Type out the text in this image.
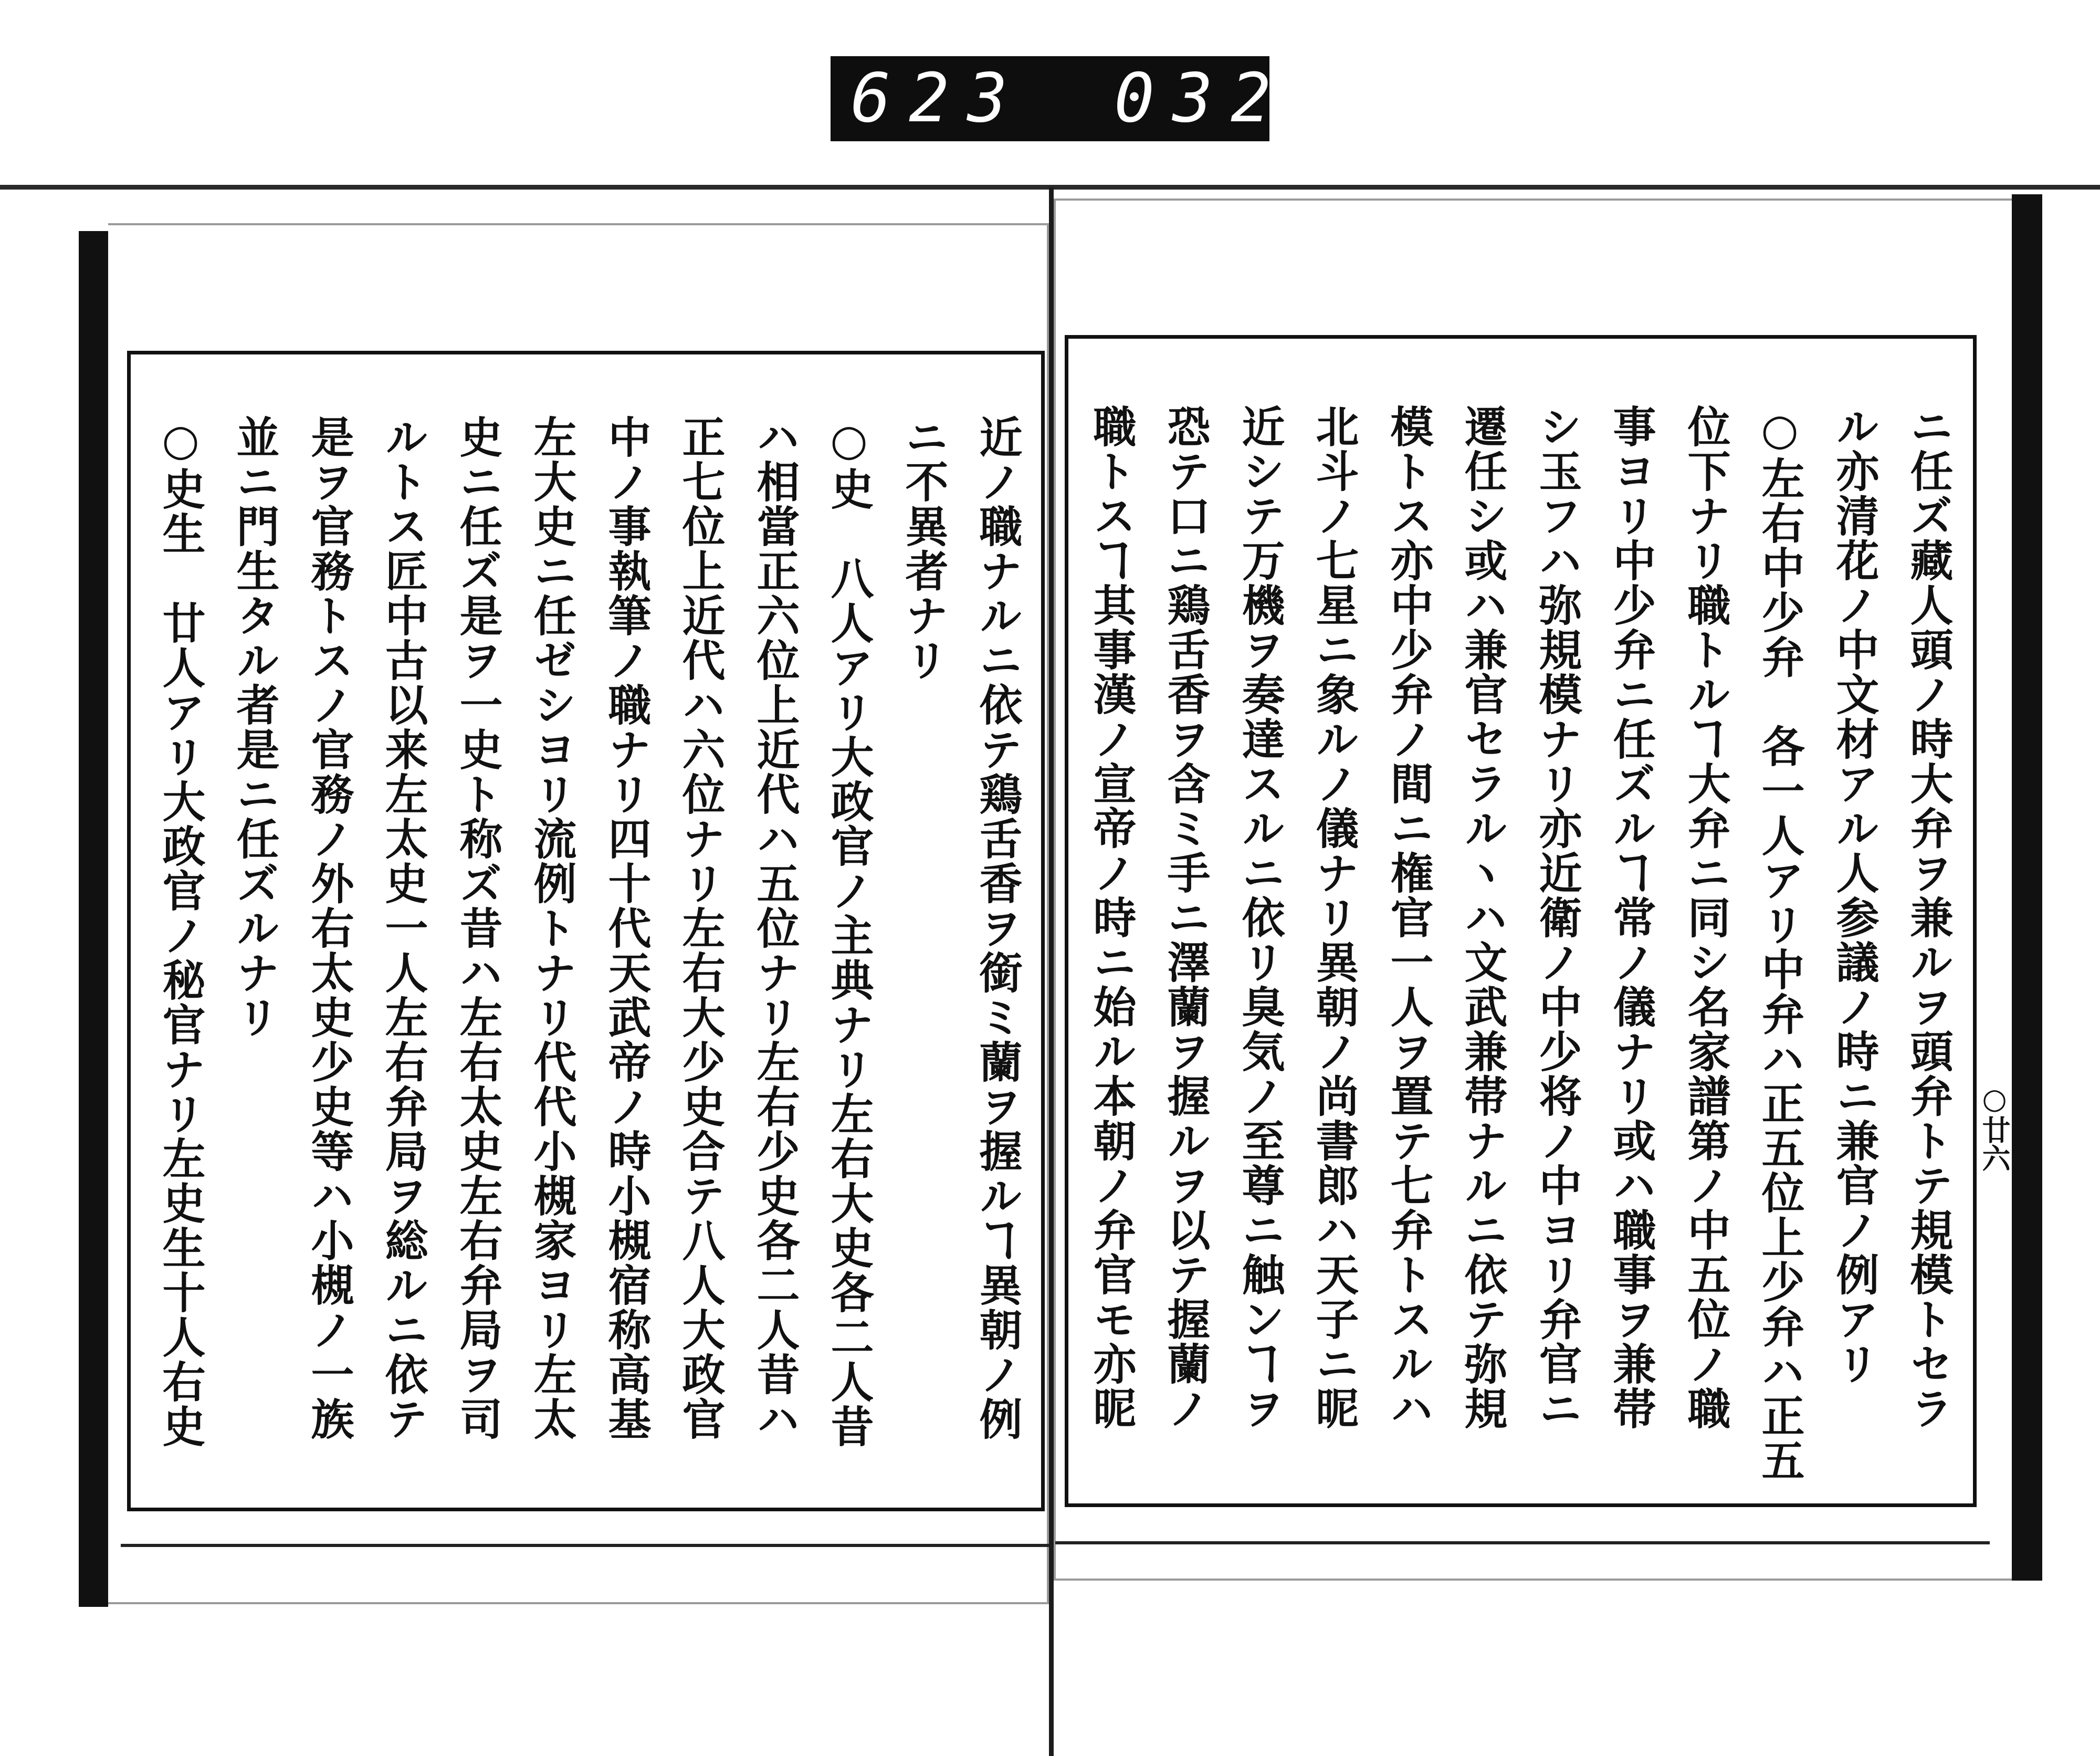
623 032.
○廿六
ニ任ズ藏人頭ノ時大弁ヲ兼ルヲ頭弁トテ規模トセラ
ル亦清花ノ中文材アル人参議ノ時ニ兼官ノ例アリ
○左右中少弁　各一人アリ中弁ハ正五位上少弁ハ正五
位下ナリ職トルヿ大弁ニ同シ名家譜第ノ中五位ノ職
事ヨリ中少弁ニ任ズルヿ常ノ儀ナリ或ハ職事ヲ兼帯
シ玉フハ弥規模ナリ亦近衛ノ中少将ノ中ヨリ弁官ニ
遷任シ或ハ兼官セラルヽハ文武兼帯ナルニ依テ弥規
模トス亦中少弁ノ間ニ権官一人ヲ置テ七弁トスルハ
北斗ノ七星ニ象ルノ儀ナリ異朝ノ尚書郎ハ天子ニ昵
近シテ万機ヲ奏達スルニ依リ臭気ノ至尊ニ触ンヿヲ
恐テ口ニ鶏舌香ヲ含ミ手ニ澤蘭ヲ握ルヲ以テ握蘭ノ
職トスヿ其事漢ノ宣帝ノ時ニ始ル本朝ノ弁官モ亦昵
近ノ職ナルニ依テ鶏舌香ヲ銜ミ蘭ヲ握ルヿ異朝ノ例
ニ不異者ナリ
○史　八人アリ大政官ノ主典ナリ左右大史各二人昔
ハ相當正六位上近代ハ五位ナリ左右少史各二人昔ハ
正七位上近代ハ六位ナリ左右大少史合テ八人大政官
中ノ事執筆ノ職ナリ四十代天武帝ノ時小槻宿称高基
左大史ニ任ゼシヨリ流例トナリ代代小槻家ヨリ左太
史ニ任ズ是ヲ一史ト称ズ昔ハ左右太史左右弁局ヲ司
ルトス匠中古以来左太史一人左右弁局ヲ総ルニ依テ
是ヲ官務トスノ官務ノ外右太史少史等ハ小槻ノ一族
並ニ門生タル者是ニ任ズルナリ
○史生　廿人アリ大政官ノ秘官ナリ左史生十人右史
